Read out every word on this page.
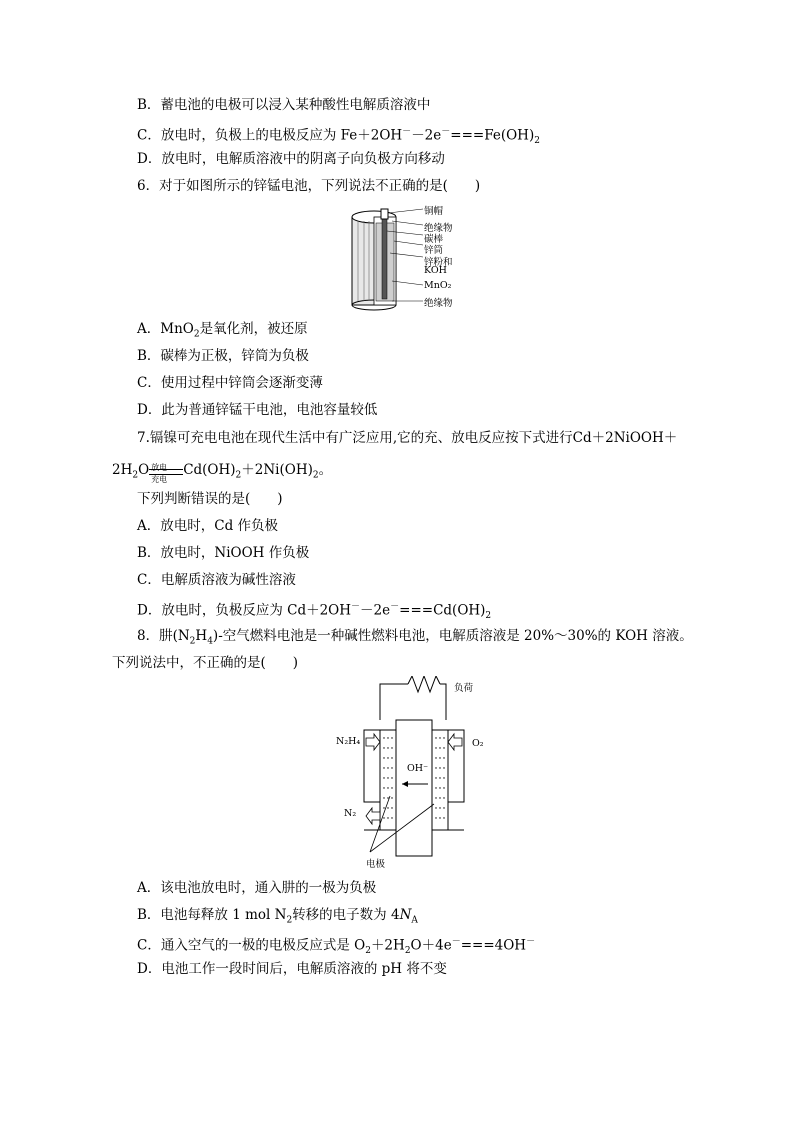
B．蓄电池的电极可以浸入某种酸性电解质溶液中
C．放电时，负极上的电极反应为 $Fe+2OH^--2e^-===Fe(OH)_2$
D．放电时，电解质溶液中的阴离子向负极方向移动
6．对于如图所示的锌锰电池，下列说法不正确的是(　　)
铜帽
绝缘物
碳棒
锌筒
锌粉和
KOH
MnO₂
绝缘物
A．MnO$_2$是氧化剂，被还原
B．碳棒为正极，锌筒为负极
C．使用过程中锌筒会逐渐变薄
D．此为普通锌锰干电池，电池容量较低
7.镉镍可充电电池在现代生活中有广泛应用,它的充、放电反应按下式进行Cd＋2NiOOH＋
$2H_2O$ 放电
充电
$Cd(OH)_2+2Ni(OH)_2$。
下列判断错误的是(　　)
A．放电时，Cd 作负极
B．放电时，NiOOH 作负极
C．电解质溶液为碱性溶液
D．放电时，负极反应为 $Cd+2OH^--2e^-===Cd(OH)_2$
8．肼$(N_2H_4)-$空气燃料电池是一种碱性燃料电池，电解质溶液是 20%～30%的 KOH 溶液。
下列说法中，不正确的是(　　)
负荷
N₂H₄	O₂
OH⁻
N₂
电极
A．该电池放电时，通入肼的一极为负极
B．电池每释放 1 mol $N_2$转移的电子数为 $4N_A$
C．通入空气的一极的电极反应式是 $O_2+2H_2O+4e^-===4OH^-$
D．电池工作一段时间后，电解质溶液的 pH 将不变
